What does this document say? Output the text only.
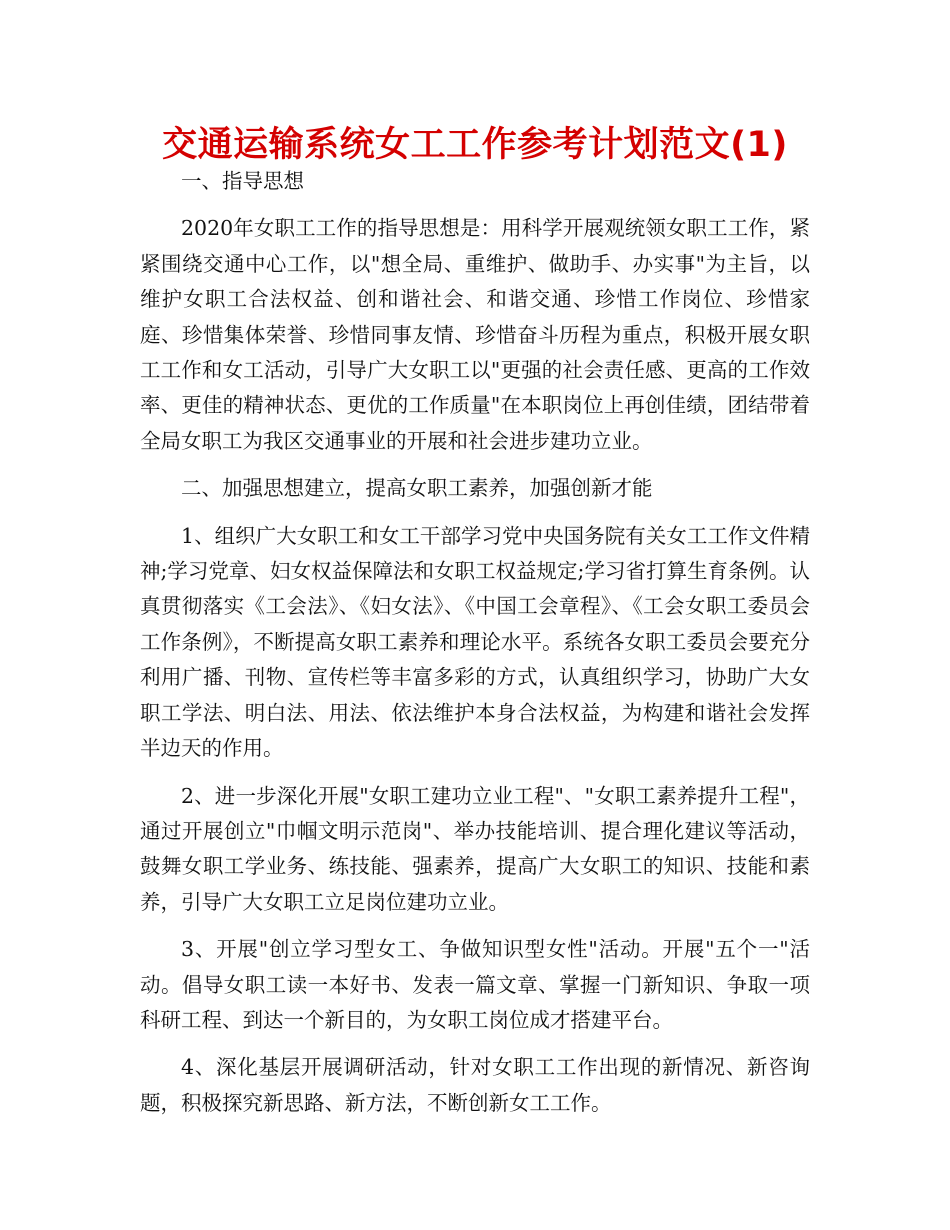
交通运输系统女工工作参考计划范文(1)

一、指导思想

2020年女职工工作的指导思想是：用科学开展观统领女职工工作，紧紧围绕交通中心工作，以"想全局、重维护、做助手、办实事"为主旨，以维护女职工合法权益、创和谐社会、和谐交通、珍惜工作岗位、珍惜家庭、珍惜集体荣誉、珍惜同事友情、珍惜奋斗历程为重点，积极开展女职工工作和女工活动，引导广大女职工以"更强的社会责任感、更高的工作效率、更佳的精神状态、更优的工作质量"在本职岗位上再创佳绩，团结带着全局女职工为我区交通事业的开展和社会进步建功立业。

二、加强思想建立，提高女职工素养，加强创新才能

1、组织广大女职工和女工干部学习党中央国务院有关女工工作文件精神;学习党章、妇女权益保障法和女职工权益规定;学习省打算生育条例。认真贯彻落实《工会法》、《妇女法》、《中国工会章程》、《工会女职工委员会工作条例》，不断提高女职工素养和理论水平。系统各女职工委员会要充分利用广播、刊物、宣传栏等丰富多彩的方式，认真组织学习，协助广大女职工学法、明白法、用法、依法维护本身合法权益，为构建和谐社会发挥半边天的作用。

2、进一步深化开展"女职工建功立业工程"、"女职工素养提升工程"，通过开展创立"巾帼文明示范岗"、举办技能培训、提合理化建议等活动，鼓舞女职工学业务、练技能、强素养，提高广大女职工的知识、技能和素养，引导广大女职工立足岗位建功立业。

3、开展"创立学习型女工、争做知识型女性"活动。开展"五个一"活动。倡导女职工读一本好书、发表一篇文章、掌握一门新知识、争取一项科研工程、到达一个新目的，为女职工岗位成才搭建平台。

4、深化基层开展调研活动，针对女职工工作出现的新情况、新咨询题，积极探究新思路、新方法，不断创新女工工作。
